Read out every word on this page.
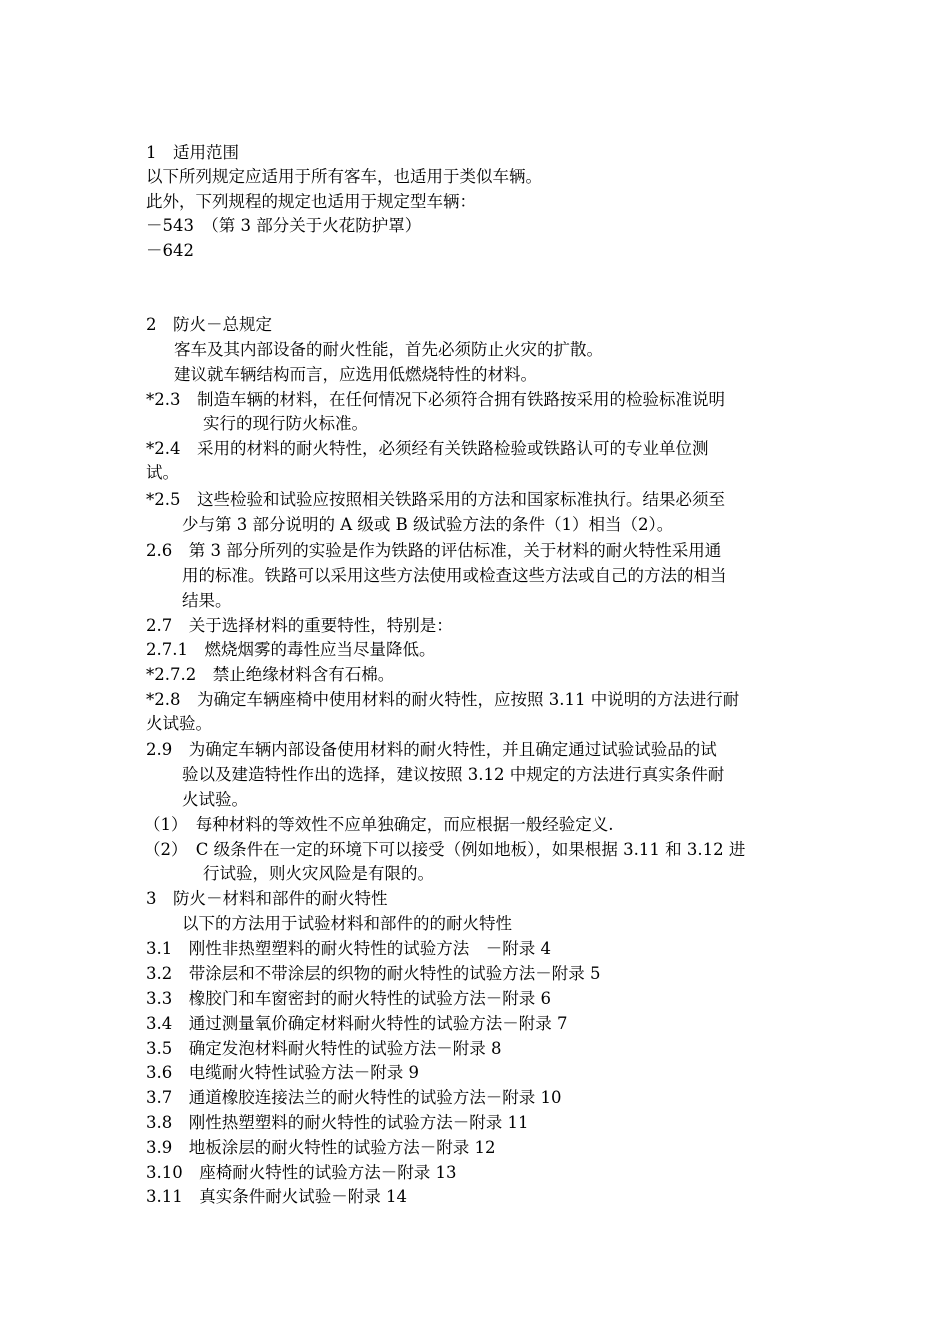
1　适用范围
以下所列规定应适用于所有客车，也适用于类似车辆。
此外，下列规程的规定也适用于规定型车辆：
－543　（第 3 部分关于火花防护罩）
－642
2　防火－总规定
客车及其内部设备的耐火性能，首先必须防止火灾的扩散。
建议就车辆结构而言，应选用低燃烧特性的材料。
*2.3　制造车辆的材料，在任何情况下必须符合拥有铁路按采用的检验标准说明
实行的现行防火标准。
*2.4　采用的材料的耐火特性，必须经有关铁路检验或铁路认可的专业单位测
试。
*2.5　这些检验和试验应按照相关铁路采用的方法和国家标准执行。结果必须至
少与第 3 部分说明的 A 级或 B 级试验方法的条件（1）相当（2）。
2.6　第 3 部分所列的实验是作为铁路的评估标准，关于材料的耐火特性采用通
用的标准。铁路可以采用这些方法使用或检查这些方法或自己的方法的相当
结果。
2.7　关于选择材料的重要特性，特别是：
2.7.1　燃烧烟雾的毒性应当尽量降低。
*2.7.2　禁止绝缘材料含有石棉。
*2.8　为确定车辆座椅中使用材料的耐火特性，应按照 3.11 中说明的方法进行耐
火试验。
2.9　为确定车辆内部设备使用材料的耐火特性，并且确定通过试验试验品的试
验以及建造特性作出的选择，建议按照 3.12 中规定的方法进行真实条件耐
火试验。
（1）　每种材料的等效性不应单独确定，而应根据一般经验定义.
（2）　C 级条件在一定的环境下可以接受（例如地板），如果根据 3.11 和 3.12 进
行试验，则火灾风险是有限的。
3　防火－材料和部件的耐火特性
以下的方法用于试验材料和部件的的耐火特性
3.1　刚性非热塑塑料的耐火特性的试验方法　－附录 4
3.2　带涂层和不带涂层的织物的耐火特性的试验方法－附录 5
3.3　橡胶门和车窗密封的耐火特性的试验方法－附录 6
3.4　通过测量氧价确定材料耐火特性的试验方法－附录 7
3.5　确定发泡材料耐火特性的试验方法－附录 8
3.6　电缆耐火特性试验方法－附录 9
3.7　通道橡胶连接法兰的耐火特性的试验方法－附录 10
3.8　刚性热塑塑料的耐火特性的试验方法－附录 11
3.9　地板涂层的耐火特性的试验方法－附录 12
3.10　座椅耐火特性的试验方法－附录 13
3.11　真实条件耐火试验－附录 14
